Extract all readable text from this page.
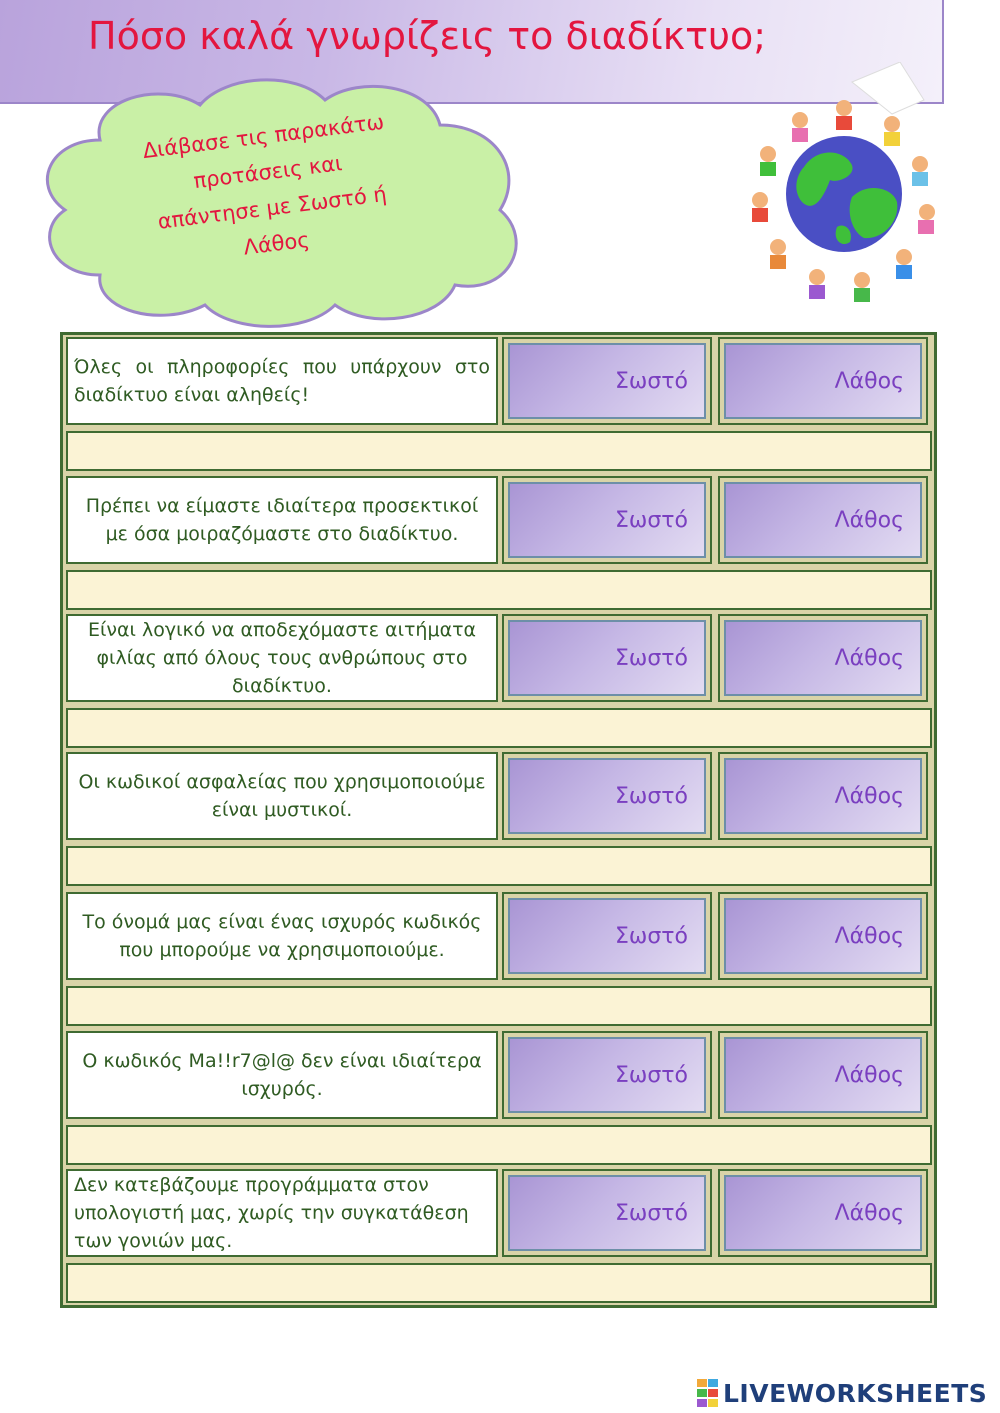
Πόσο καλά γνωρίζεις το διαδίκτυο;
Διάβασε τις παρακάτω
προτάσεις και
απάντησε με Σωστό ή
Λάθος
Όλες οι πληροφορίες που υπάρχουν στο διαδίκτυο είναι αληθείς!
Σωστό	Λάθος
Πρέπει να είμαστε ιδιαίτερα προσεκτικοί με όσα μοιραζόμαστε στο διαδίκτυο.
Σωστό	Λάθος
Είναι λογικό να αποδεχόμαστε αιτήματα φιλίας από όλους τους ανθρώπους στο διαδίκτυο.
Σωστό	Λάθος
Οι κωδικοί ασφαλείας που χρησιμοποιούμε είναι μυστικοί.
Σωστό	Λάθος
Το όνομά μας είναι ένας ισχυρός κωδικός που μπορούμε να χρησιμοποιούμε.
Σωστό	Λάθος
Ο κωδικός Ma!!r7@l@ δεν είναι ιδιαίτερα ισχυρός.
Σωστό	Λάθος
Δεν κατεβάζουμε προγράμματα στον υπολογιστή μας, χωρίς την συγκατάθεση των γονιών μας.
Σωστό	Λάθος
LIVEWORKSHEETS
